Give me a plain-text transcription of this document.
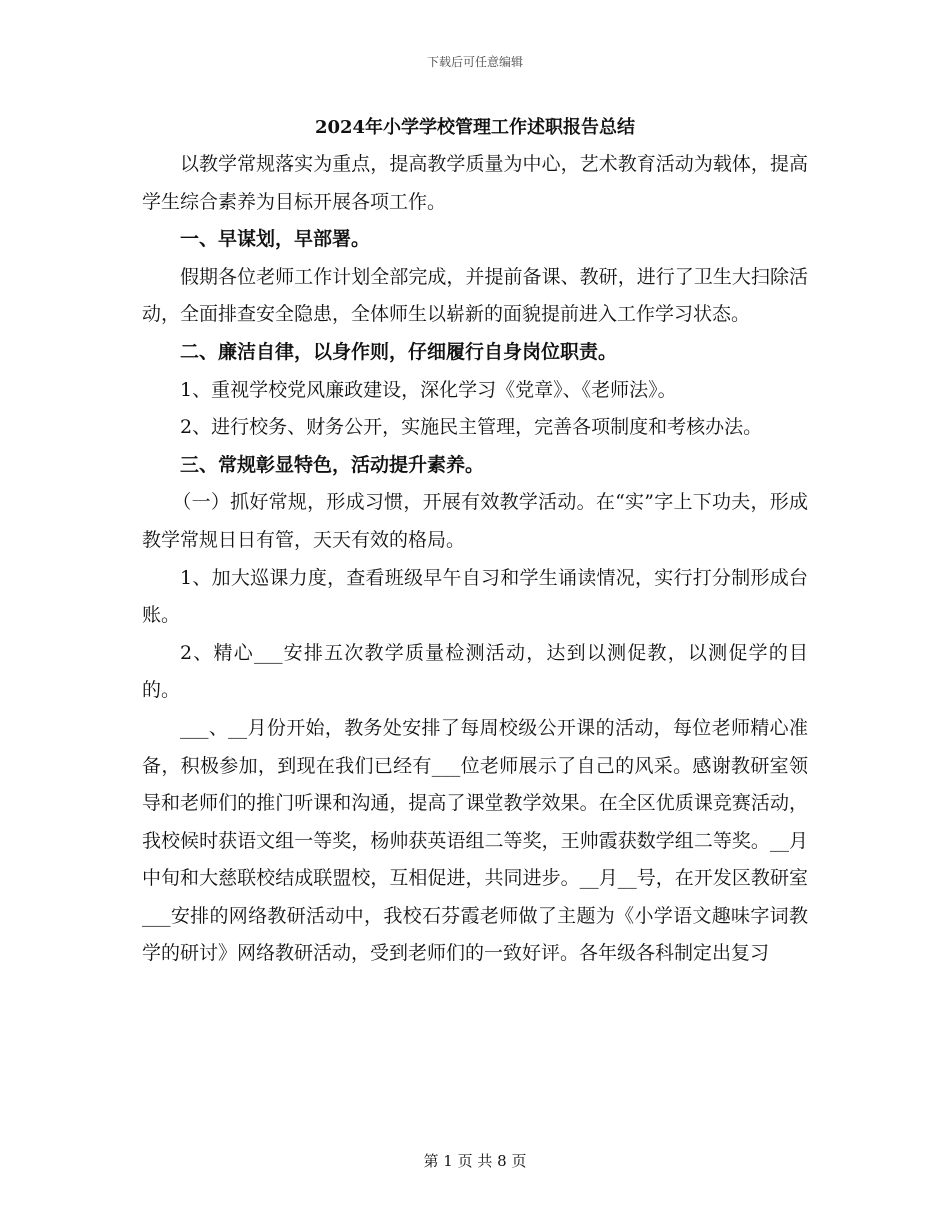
下载后可任意编辑
2024年小学学校管理工作述职报告总结

以教学常规落实为重点，提高教学质量为中心，艺术教育活动为载体，提高学生综合素养为目标开展各项工作。

一、早谋划，早部署。

假期各位老师工作计划全部完成，并提前备课、教研，进行了卫生大扫除活动，全面排查安全隐患，全体师生以崭新的面貌提前进入工作学习状态。

二、廉洁自律，以身作则，仔细履行自身岗位职责。

1、重视学校党风廉政建设，深化学习《党章》、《老师法》。

2、进行校务、财务公开，实施民主管理，完善各项制度和考核办法。

三、常规彰显特色，活动提升素养。

（一）抓好常规，形成习惯，开展有效教学活动。在“实”字上下功夫，形成教学常规日日有管，天天有效的格局。

1、加大巡课力度，查看班级早午自习和学生诵读情况，实行打分制形成台账。

2、精心___安排五次教学质量检测活动，达到以测促教，以测促学的目的。

___、__月份开始，教务处安排了每周校级公开课的活动，每位老师精心准备，积极参加，到现在我们已经有___位老师展示了自己的风采。感谢教研室领导和老师们的推门听课和沟通，提高了课堂教学效果。在全区优质课竞赛活动，我校候时获语文组一等奖，杨帅获英语组二等奖，王帅霞获数学组二等奖。__月中旬和大慈联校结成联盟校，互相促进，共同进步。__月__号，在开发区教研室___安排的网络教研活动中，我校石芬霞老师做了主题为《小学语文趣味字词教学的研讨》网络教研活动，受到老师们的一致好评。各年级各科制定出复习

第 1 页 共 8 页
